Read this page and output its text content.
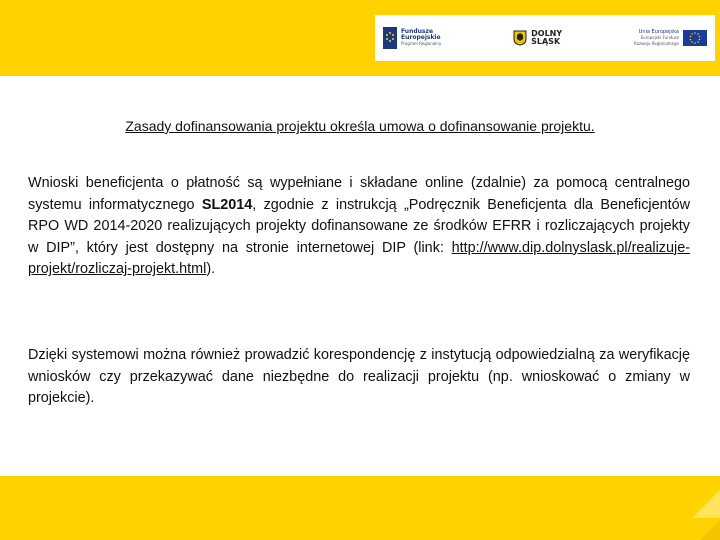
Fundusze
Europejskie
Program Regionalny
DOLNY
ŚLĄSK
Unia Europejska
Europejski Fundusz
Rozwoju Regionalnego
Zasady dofinansowania projektu określa umowa o dofinansowanie projektu.
Wnioski beneficjenta o płatność są wypełniane i składane online (zdalnie) za pomocą centralnego systemu informatycznego SL2014, zgodnie z instrukcją „Podręcznik Beneficjenta dla Beneficjentów RPO WD 2014-2020 realizujących projekty dofinansowane ze środków EFRR i rozliczających projekty w DIP”, który jest dostępny na stronie internetowej DIP (link: http://www.dip.dolnyslask.pl/realizuje-projekt/rozliczaj-projekt.html).
Dzięki systemowi można również prowadzić korespondencję z instytucją odpowiedzialną za weryfikację wniosków czy przekazywać dane niezbędne do realizacji projektu (np. wnioskować o zmiany w projekcie).
